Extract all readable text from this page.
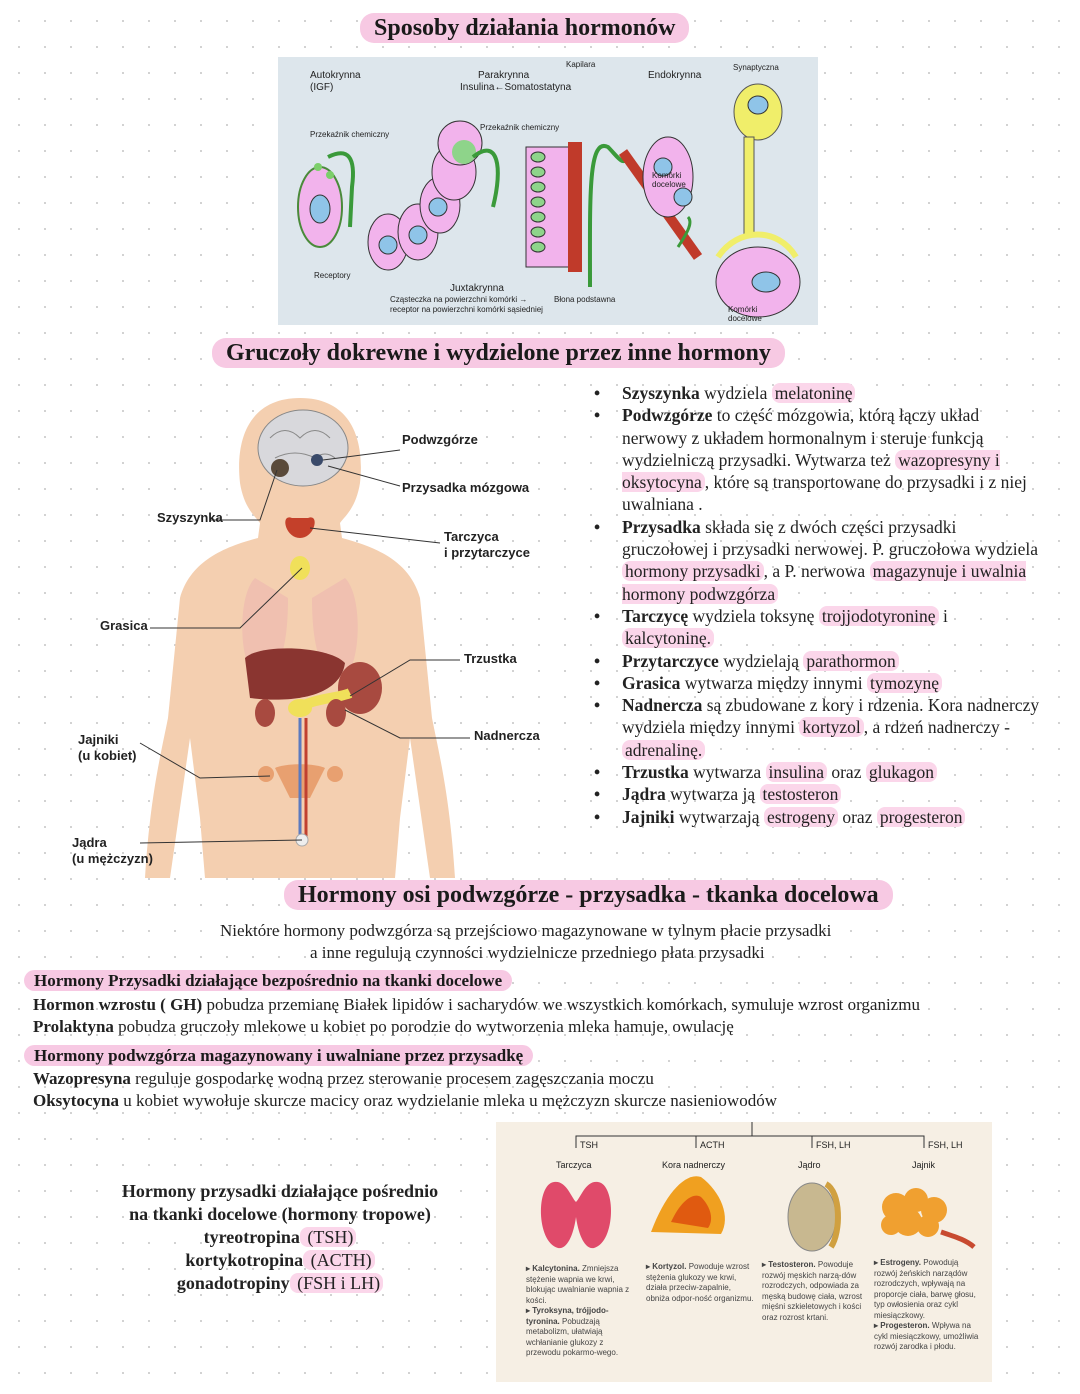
Sposoby działania hormonów
Autokrynna
(IGF)
Parakrynna
Insulina←Somatostatyna
Kapilara
Endokrynna
Synaptyczna
Przekaźnik chemiczny
Przekaźnik chemiczny
Komórki docelowe
Receptory
Juxtakrynna
Cząsteczka na powierzchni komórki →
receptor na powierzchni komórki sąsiedniej
Błona podstawna
Komórki docelowe
Gruczoły dokrewne i wydzielone przez inne hormony
Podwzgórze
Przysadka mózgowa
Szyszynka
Tarczyca
i przytarczyce
Grasica
Trzustka
Nadnercza
Jajniki
(u kobiet)
Jądra
(u mężczyzn)
• Szyszynka wydziela melatoninę
• Podwzgórze to część mózgowia, którą łączy układ nerwowy z układem hormonalnym i steruje funkcją wydzielniczą przysadki. Wytwarza też wazopresyny i oksytocyna , które są transportowane do przysadki i z niej uwalniana .
• Przysadka składa się z dwóch części przysadki gruczołowej i przysadki nerwowej. P. gruczołowa wydziela hormony przysadki , a P. nerwowa magazynuje i uwalnia hormony podwzgórza
• Tarczycę wydziela toksynę trojjodotyroninę i kalcytoninę.
• Przytarczyce wydzielają parathormon
• Grasica wytwarza między innymi tymozynę
• Nadnercza są zbudowane z kory i rdzenia. Kora nadnerczy wydziela między innymi kortyzol , a rdzeń nadnerczy - adrenalinę.
• Trzustka wytwarza insulina oraz glukagon
• Jądra wytwarza ją testosteron
• Jajniki wytwarzają estrogeny oraz progesteron
Hormony osi podwzgórze - przysadka - tkanka docelowa
Niektóre hormony podwzgórza są przejściowo magazynowane w tylnym płacie przysadki
a inne regulują czynności wydzielnicze przedniego płata przysadki
Hormony Przysadki działające bezpośrednio na tkanki docelowe
Hormon wzrostu ( GH) pobudza przemianę Białek lipidów i sacharydów we wszystkich komórkach, symuluje wzrost organizmu
Prolaktyna pobudza gruczoły mlekowe u kobiet po porodzie do wytworzenia mleka hamuje, owulację
Hormony podwzgórza magazynowany i uwalniane przez przysadkę
Wazopresyna reguluje gospodarkę wodną przez sterowanie procesem zagęszczania moczu
Oksytocyna u kobiet wywołuje skurcze macicy oraz wydzielanie mleka u mężczyzn skurcze nasieniowodów
Hormony przysadki działające pośrednio
na tkanki docelowe (hormony tropowe)
tyreotropina (TSH)
kortykotropina (ACTH)
gonadotropiny (FSH i LH)
TSH	ACTH	FSH, LH	FSH, LH
Tarczyca	Kora nadnerczy	Jądro	Jajnik
▸ Kalcytonina. Zmniejsza stężenie wapnia we krwi, blokując uwalnianie wapnia z kości.
▸ Tyroksyna, trójjodo-tyronina. Pobudzają metabolizm, ułatwiają wchłanianie glukozy z przewodu pokarmo-wego.
▸ Kortyzol. Powoduje wzrost stężenia glukozy we krwi, działa przeciw-zapalnie, obniża odpor-ność organizmu.
▸ Testosteron. Powoduje rozwój męskich narzą-dów rozrodczych, odpowiada za męską budowę ciała, wzrost mięśni szkieletowych i kości oraz rozrost krtani.
▸ Estrogeny. Powodują rozwój żeńskich narządów rozrodczych, wpływają na proporcje ciała, barwę głosu, typ owłosienia oraz cykl miesiączkowy.
▸ Progesteron. Wpływa na cykl miesiączkowy, umożliwia rozwój zarodka i płodu.
